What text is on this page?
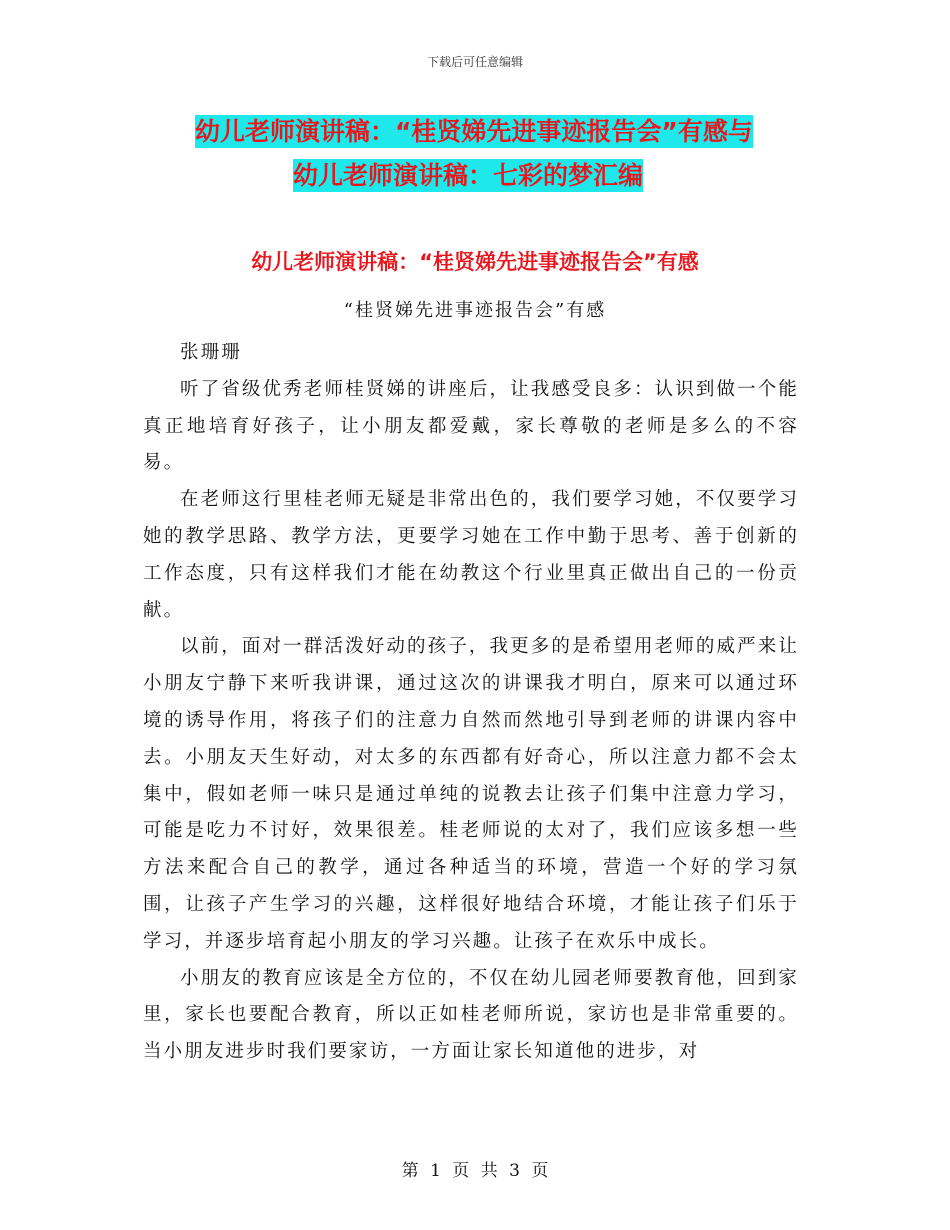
下载后可任意编辑
幼儿老师演讲稿：“桂贤娣先进事迹报告会”有感与
幼儿老师演讲稿：七彩的梦汇编
幼儿老师演讲稿：“桂贤娣先进事迹报告会”有感
“桂贤娣先进事迹报告会”有感

张珊珊

听了省级优秀老师桂贤娣的讲座后，让我感受良多：认识到做一个能真正地培育好孩子，让小朋友都爱戴，家长尊敬的老师是多么的不容易。

在老师这行里桂老师无疑是非常出色的，我们要学习她，不仅要学习她的教学思路、教学方法，更要学习她在工作中勤于思考、善于创新的工作态度，只有这样我们才能在幼教这个行业里真正做出自己的一份贡献。

以前，面对一群活泼好动的孩子，我更多的是希望用老师的威严来让小朋友宁静下来听我讲课，通过这次的讲课我才明白，原来可以通过环境的诱导作用，将孩子们的注意力自然而然地引导到老师的讲课内容中去。小朋友天生好动，对太多的东西都有好奇心，所以注意力都不会太集中，假如老师一味只是通过单纯的说教去让孩子们集中注意力学习，可能是吃力不讨好，效果很差。桂老师说的太对了，我们应该多想一些方法来配合自己的教学，通过各种适当的环境，营造一个好的学习氛围，让孩子产生学习的兴趣，这样很好地结合环境，才能让孩子们乐于学习，并逐步培育起小朋友的学习兴趣。让孩子在欢乐中成长。

小朋友的教育应该是全方位的，不仅在幼儿园老师要教育他，回到家里，家长也要配合教育，所以正如桂老师所说，家访也是非常重要的。当小朋友进步时我们要家访，一方面让家长知道他的进步，对

第 1 页 共 3 页
